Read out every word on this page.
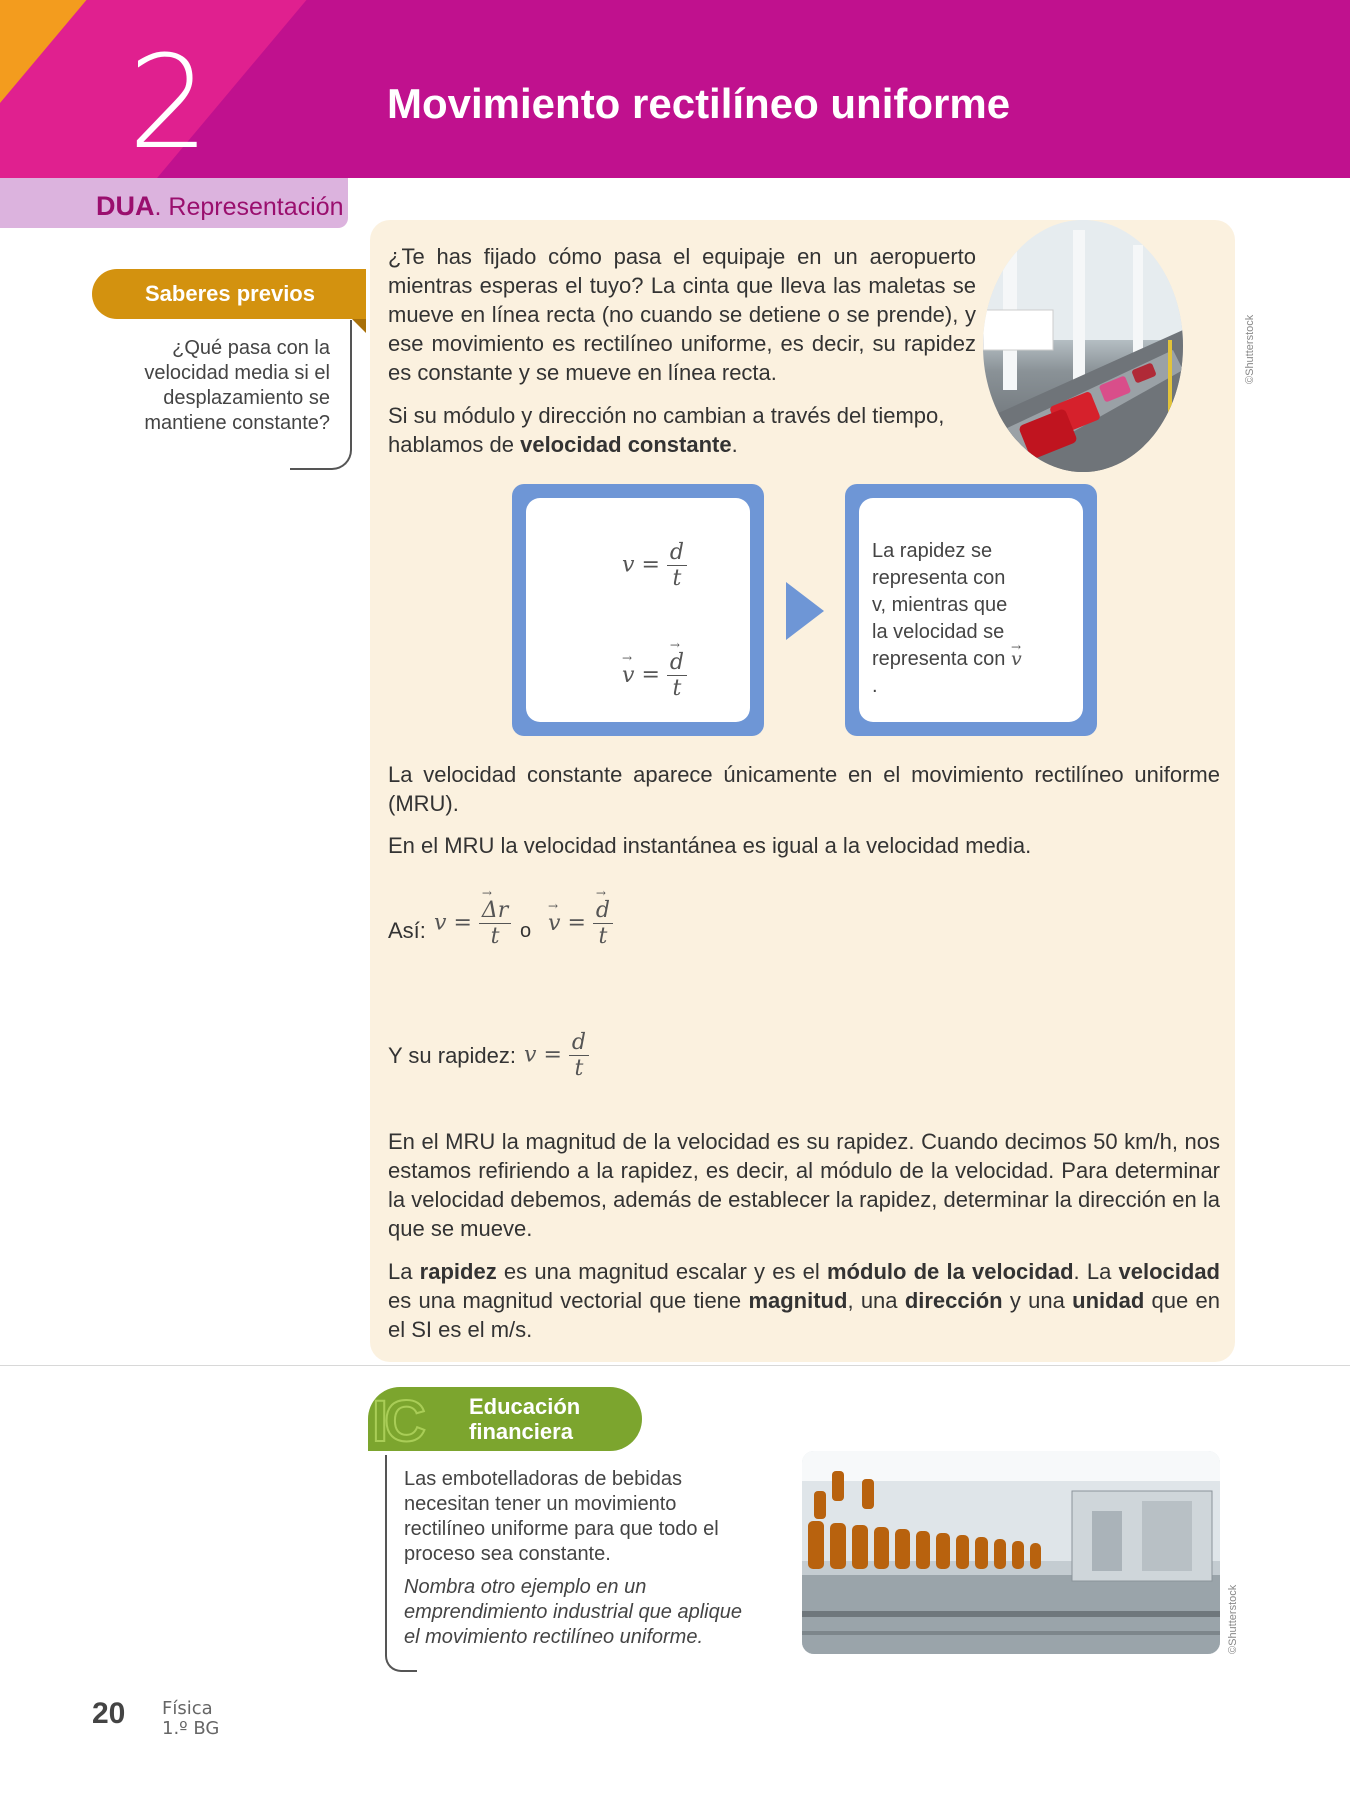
2	Movimiento rectilíneo uniforme
DUA. Representación
Saberes previos
¿Qué pasa con la velocidad media si el desplazamiento se mantiene constante?
¿Te has fijado cómo pasa el equipaje en un aeropuerto mientras esperas el tuyo? La cinta que lleva las maletas se mueve en línea recta (no cuando se detiene o se prende), y ese movimiento es rectilíneo uniforme, es decir, su rapidez es constante y se mueve en línea recta.
Si su módulo y dirección no cambian a través del tiempo, hablamos de velocidad constante.
©Shutterstock
$v = \frac{d}{t}$
→ v = → $\frac{d}{t}$
La rapidez se representa con v, mientras que la velocidad se representa con → v.
La velocidad constante aparece únicamente en el movimiento rectilíneo uniforme (MRU).
En el MRU la velocidad instantánea es igual a la velocidad media.
Así: v = → $\frac{\Delta r}{t}$ o → v = → $\frac{d}{t}$
Y su rapidez: $v = \frac{d}{t}$
En el MRU la magnitud de la velocidad es su rapidez. Cuando decimos 50 km/h, nos estamos refiriendo a la rapidez, es decir, al módulo de la velocidad. Para determinar la velocidad debemos, además de establecer la rapidez, determinar la dirección en la que se mueve.
La rapidez es una magnitud escalar y es el módulo de la velocidad. La velocidad es una magnitud vectorial que tiene magnitud, una dirección y una unidad que en el SI es el m/s.
IC Educación
financiera
Las embotelladoras de bebidas necesitan tener un movimiento rectilíneo uniforme para que todo el proceso sea constante.
Nombra otro ejemplo en un emprendimiento industrial que aplique el movimiento rectilíneo uniforme.	©Shutterstock
20 Física
1.º BG
